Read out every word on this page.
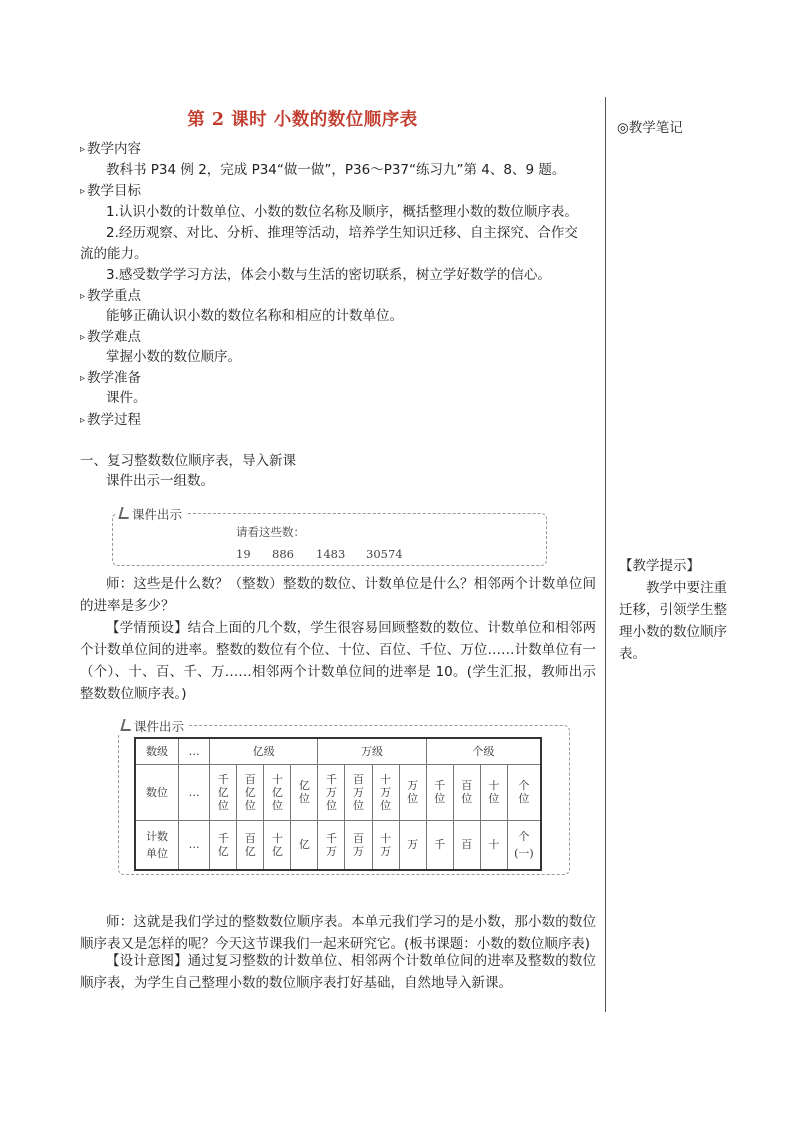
第 2 课时 小数的数位顺序表	◎教学笔记
【教学提示】
教学中要注重
迁移，引领学生整
理小数的数位顺序
表。
▹ 教学内容
教科书 P34 例 2，完成 P34“做一做”，P36～P37“练习九”第 4、8、9 题。
▹ 教学目标
1.认识小数的计数单位、小数的数位名称及顺序，概括整理小数的数位顺序表。
2.经历观察、对比、分析、推理等活动，培养学生知识迁移、自主探究、合作交
流的能力。
3.感受数学学习方法，体会小数与生活的密切联系，树立学好数学的信心。
▹ 教学重点
能够正确认识小数的数位名称和相应的计数单位。
▹ 教学难点
掌握小数的数位顺序。
▹ 教学准备
课件。
▹ 教学过程
一、复习整数数位顺序表，导入新课
课件出示一组数。
课件出示
请看这些数：
19 886 1483 30574
师：这些是什么数？（整数）整数的数位、计数单位是什么？相邻两个计数单位间的进率是多少？
【学情预设】结合上面的几个数，学生很容易回顾整数的数位、计数单位和相邻两个计数单位间的进率。整数的数位有个位、十位、百位、千位、万位……计数单位有一（个）、十、百、千、万……相邻两个计数单位间的进率是 10。(学生汇报，教师出示整数数位顺序表。)
课件出示
数级	…	亿级				万级				个级			
数位	…	千亿位	百亿位	十亿位	亿位	千万位	百万位	十万位	万位	千位	百位	十位	个位
计数单位	…	千亿	百亿	十亿	亿	千万	百万	十万	万	千	百	十	个(一)
师：这就是我们学过的整数数位顺序表。本单元我们学习的是小数，那小数的数位顺序表又是怎样的呢？今天这节课我们一起来研究它。(板书课题：小数的数位顺序表)
【设计意图】通过复习整数的计数单位、相邻两个计数单位间的进率及整数的数位顺序表，为学生自己整理小数的数位顺序表打好基础，自然地导入新课。
